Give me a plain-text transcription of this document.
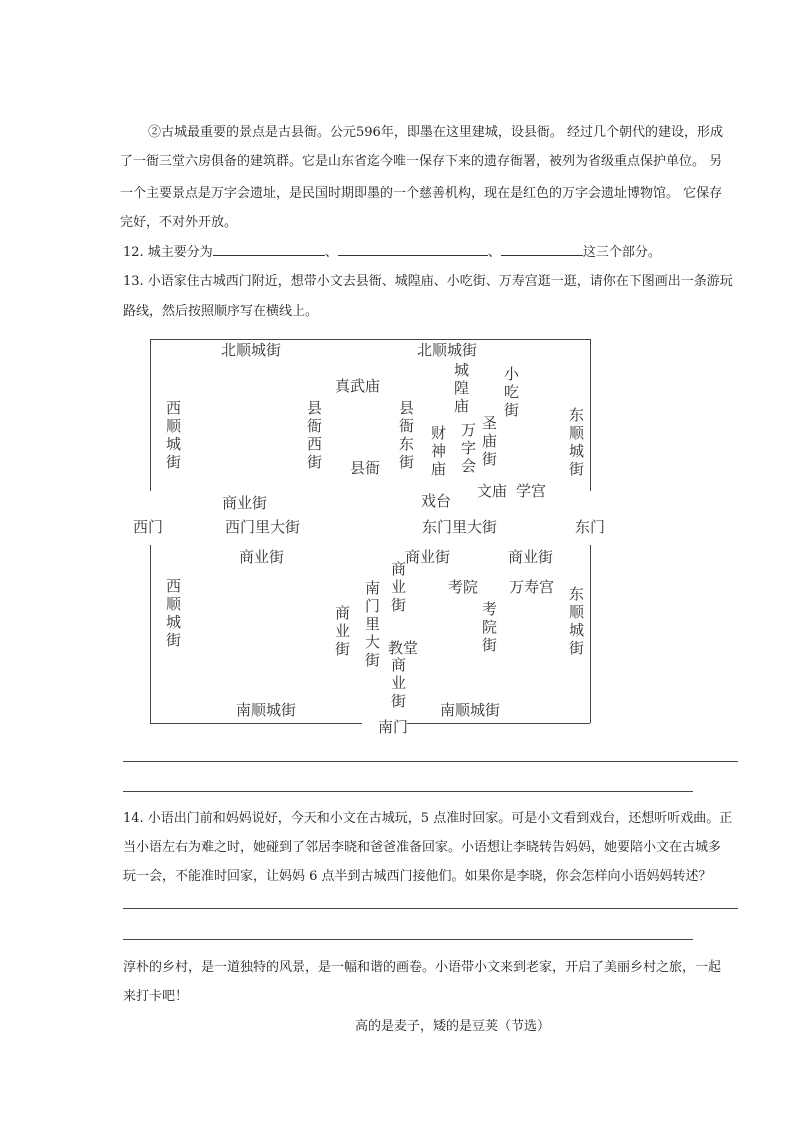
②古城最重要的景点是古县衙。公元596年，即墨在这里建城，设县衙。 经过几个朝代的建设，形成
了一衙三堂六房俱备的建筑群。它是山东省迄今唯一保存下来的遗存衙署，被列为省级重点保护单位。 另
一个主要景点是万字会遗址，是民国时期即墨的一个慈善机构，现在是红色的万字会遗址博物馆。 它保存
完好，不对外开放。
12. 城主要分为	、	、	这三个部分。
13. 小语家住古城西门附近，想带小文去县衙、城隍庙、小吃街、万寿宫逛一逛，请你在下图画出一条游玩
路线，然后按照顺序写在横线上。
北顺城街	北顺城街
真武庙	城隍庙 小吃街
西顺城街	县衙西街	县衙东街 财神庙 万字会 圣庙街	东顺城街
县衙
文庙 学宫
商业街	戏台
西门	西门里大街	东门里大街	东门
商业街	商业街	商业街
商业街	考院 万寿宫
西顺城街	南门里大街	东顺城街
考院街
商业街 教堂
商业街
南顺城街	南顺城街
南门
14. 小语出门前和妈妈说好，今天和小文在古城玩，5 点准时回家。可是小文看到戏台，还想听听戏曲。正
当小语左右为难之时，她碰到了邻居李晓和爸爸准备回家。小语想让李晓转告妈妈，她要陪小文在古城多
玩一会，不能准时回家，让妈妈 6 点半到古城西门接他们。如果你是李晓，你会怎样向小语妈妈转述？
淳朴的乡村，是一道独特的风景，是一幅和谐的画卷。小语带小文来到老家，开启了美丽乡村之旅，一起
来打卡吧！
高的是麦子，矮的是豆荚（节选）
